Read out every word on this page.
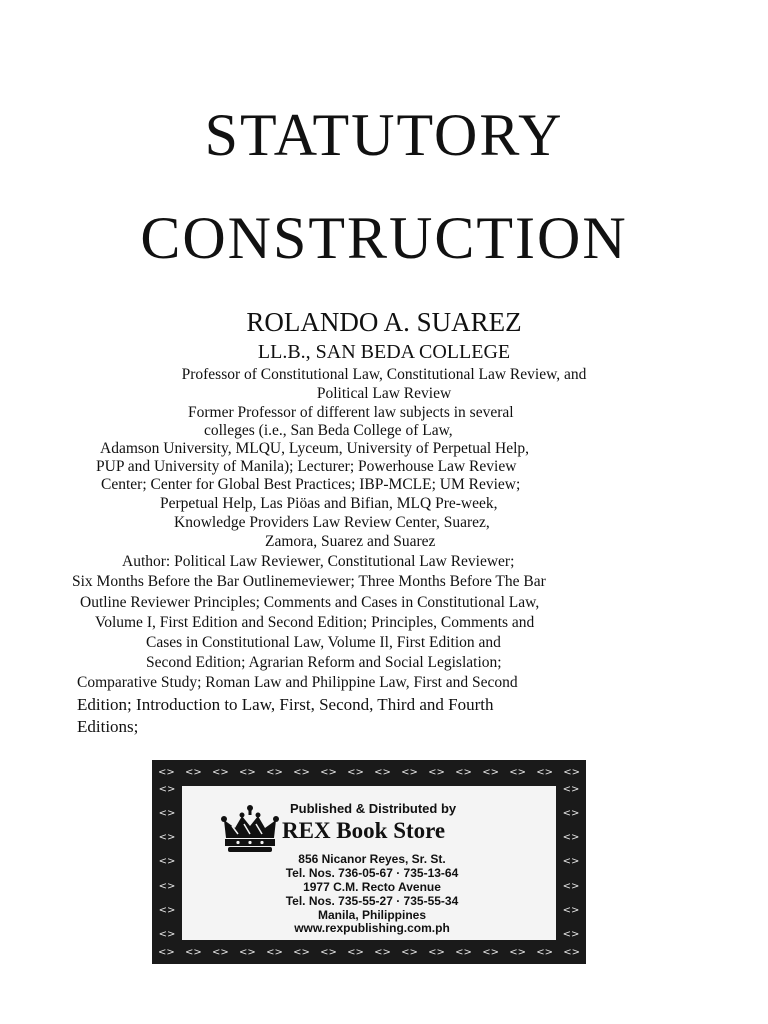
STATUTORY
CONSTRUCTION
ROLANDO A. SUAREZ
LL.B., SAN BEDA COLLEGE
Professor of Constitutional Law, Constitutional Law Review, and
Political Law Review
Former Professor of different law subjects in several
colleges (i.e., San Beda College of Law,
Adamson University, MLQU, Lyceum, University of Perpetual Help,
PUP and University of Manila); Lecturer; Powerhouse Law Review
Center; Center for Global Best Practices; IBP-MCLE; UM Review;
Perpetual Help, Las Piöas and Bifian, MLQ Pre-week,
Knowledge Providers Law Review Center, Suarez,
Zamora, Suarez and Suarez
Author: Political Law Reviewer, Constitutional Law Reviewer;
Six Months Before the Bar Outlinemeviewer; Three Months Before The Bar
Outline Reviewer Principles; Comments and Cases in Constitutional Law,
Volume I, First Edition and Second Edition; Principles, Comments and
Cases in Constitutional Law, Volume Il, First Edition and
Second Edition; Agrarian Reform and Social Legislation;
Comparative Study; Roman Law and Philippine Law, First and Second
Edition; Introduction to Law, First, Second, Third and Fourth
Editions;
<> <> <> <> <> <> <> <> <> <> <> <> <> <> <> <>
<> <> <> <> <> <> <> <> <> <> <> <> <> <> <> <>
<>
<>
<>
<>
<>
<>
<>
<>
<>
<>
<>
<>
<>
<>
Published & Distributed by
REX Book Store
856 Nicanor Reyes, Sr. St.
Tel. Nos. 736-05-67 · 735-13-64
1977 C.M. Recto Avenue
Tel. Nos. 735-55-27 · 735-55-34
Manila, Philippines
www.rexpublishing.com.ph
